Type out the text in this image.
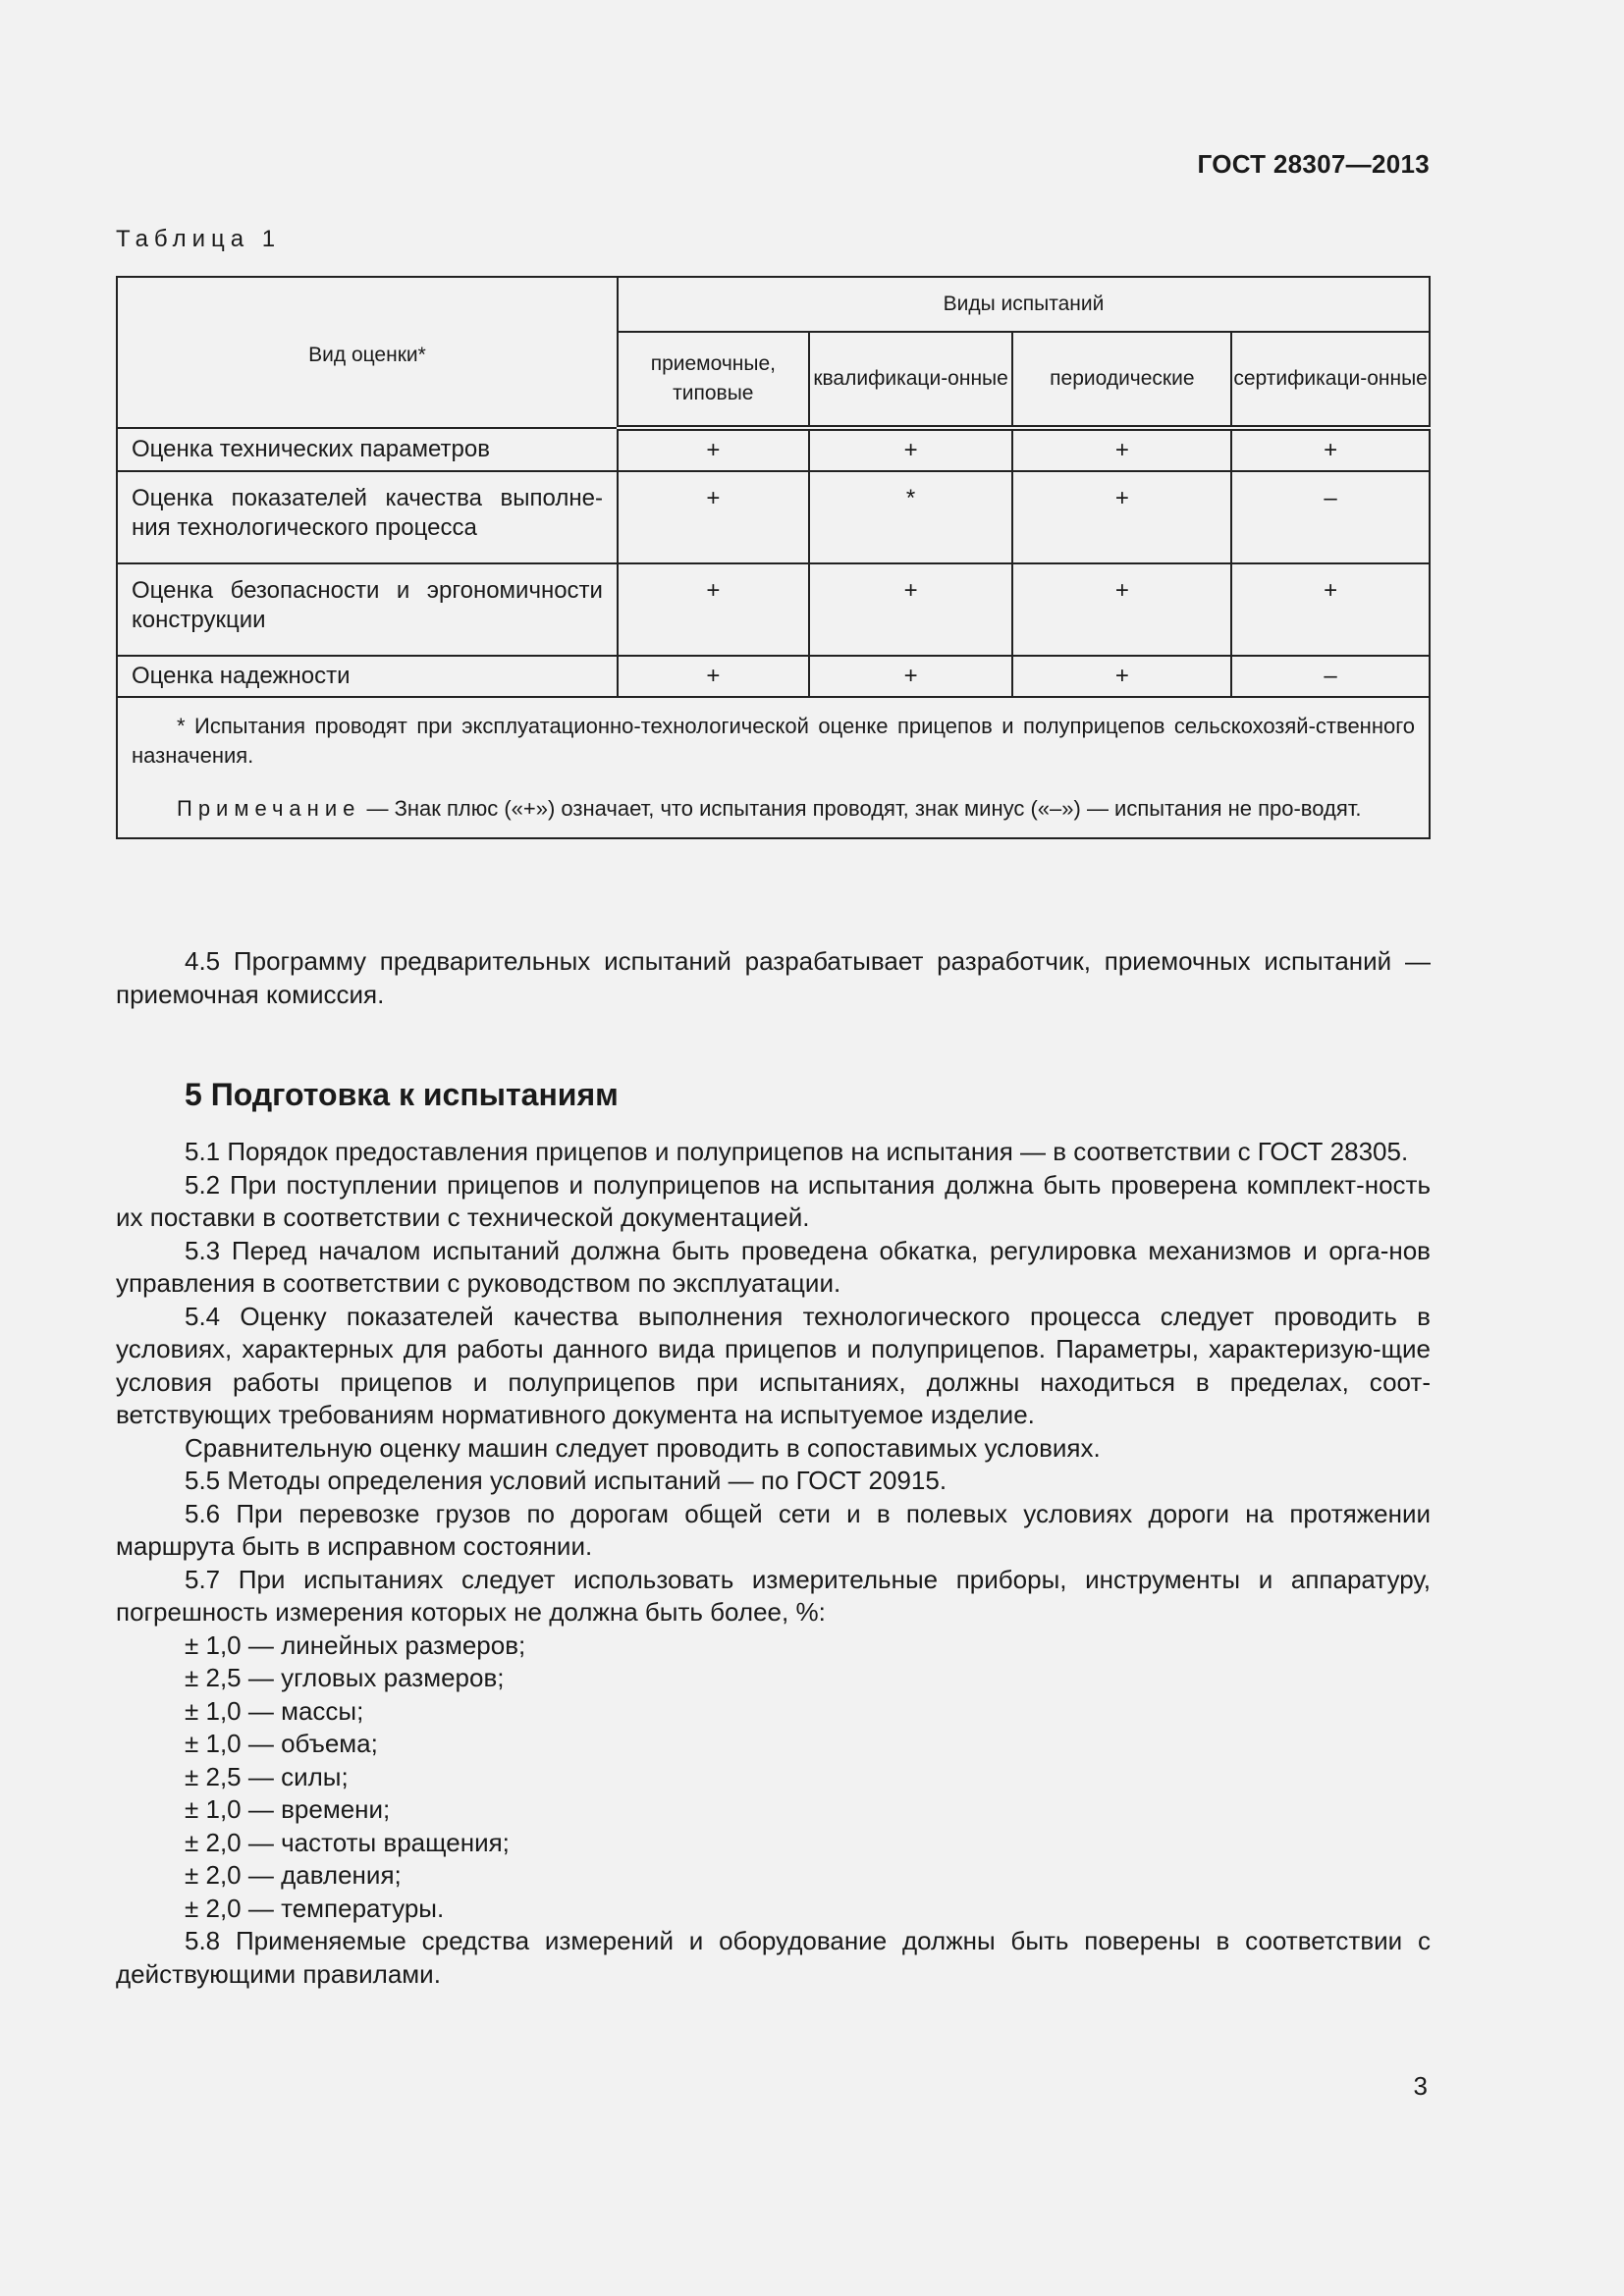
ГОСТ 28307—2013
Таблица 1
Вид оценки*	Виды испытаний			
	приемочные, типовые	квалификаци-онные	периодические	сертификаци-онные
Оценка технических параметров	+	+	+	+
Оценка показателей качества выполне-ния технологического процесса	+	*	+	–
Оценка безопасности и эргономичности конструкции	+	+	+	+
Оценка надежности	+	+	+	–

* Испытания проводят при эксплуатационно-технологической оценке прицепов и полуприцепов сельскохозяй-ственного назначения.

Примечание — Знак плюс («+») означает, что испытания проводят, знак минус («–») — испытания не про-водят.				

4.5 Программу предварительных испытаний разрабатывает разработчик, приемочных испытаний — приемочная комиссия.

5 Подготовка к испытаниям

5.1 Порядок предоставления прицепов и полуприцепов на испытания — в соответствии с ГОСТ 28305.

5.2 При поступлении прицепов и полуприцепов на испытания должна быть проверена комплект-ность их поставки в соответствии с технической документацией.

5.3 Перед началом испытаний должна быть проведена обкатка, регулировка механизмов и орга-нов управления в соответствии с руководством по эксплуатации.

5.4 Оценку показателей качества выполнения технологического процесса следует проводить в условиях, характерных для работы данного вида прицепов и полуприцепов. Параметры, характеризую-щие условия работы прицепов и полуприцепов при испытаниях, должны находиться в пределах, соот-ветствующих требованиям нормативного документа на испытуемое изделие.

Сравнительную оценку машин следует проводить в сопоставимых условиях.

5.5 Методы определения условий испытаний — по ГОСТ 20915.

5.6 При перевозке грузов по дорогам общей сети и в полевых условиях дороги на протяжении маршрута быть в исправном состоянии.

5.7 При испытаниях следует использовать измерительные приборы, инструменты и аппаратуру, погрешность измерения которых не должна быть более, %:

± 1,0 — линейных размеров;

± 2,5 — угловых размеров;

± 1,0 — массы;

± 1,0 — объема;

± 2,5 — силы;

± 1,0 — времени;

± 2,0 — частоты вращения;

± 2,0 — давления;

± 2,0 — температуры.

5.8 Применяемые средства измерений и оборудование должны быть поверены в соответствии с действующими правилами.

3
